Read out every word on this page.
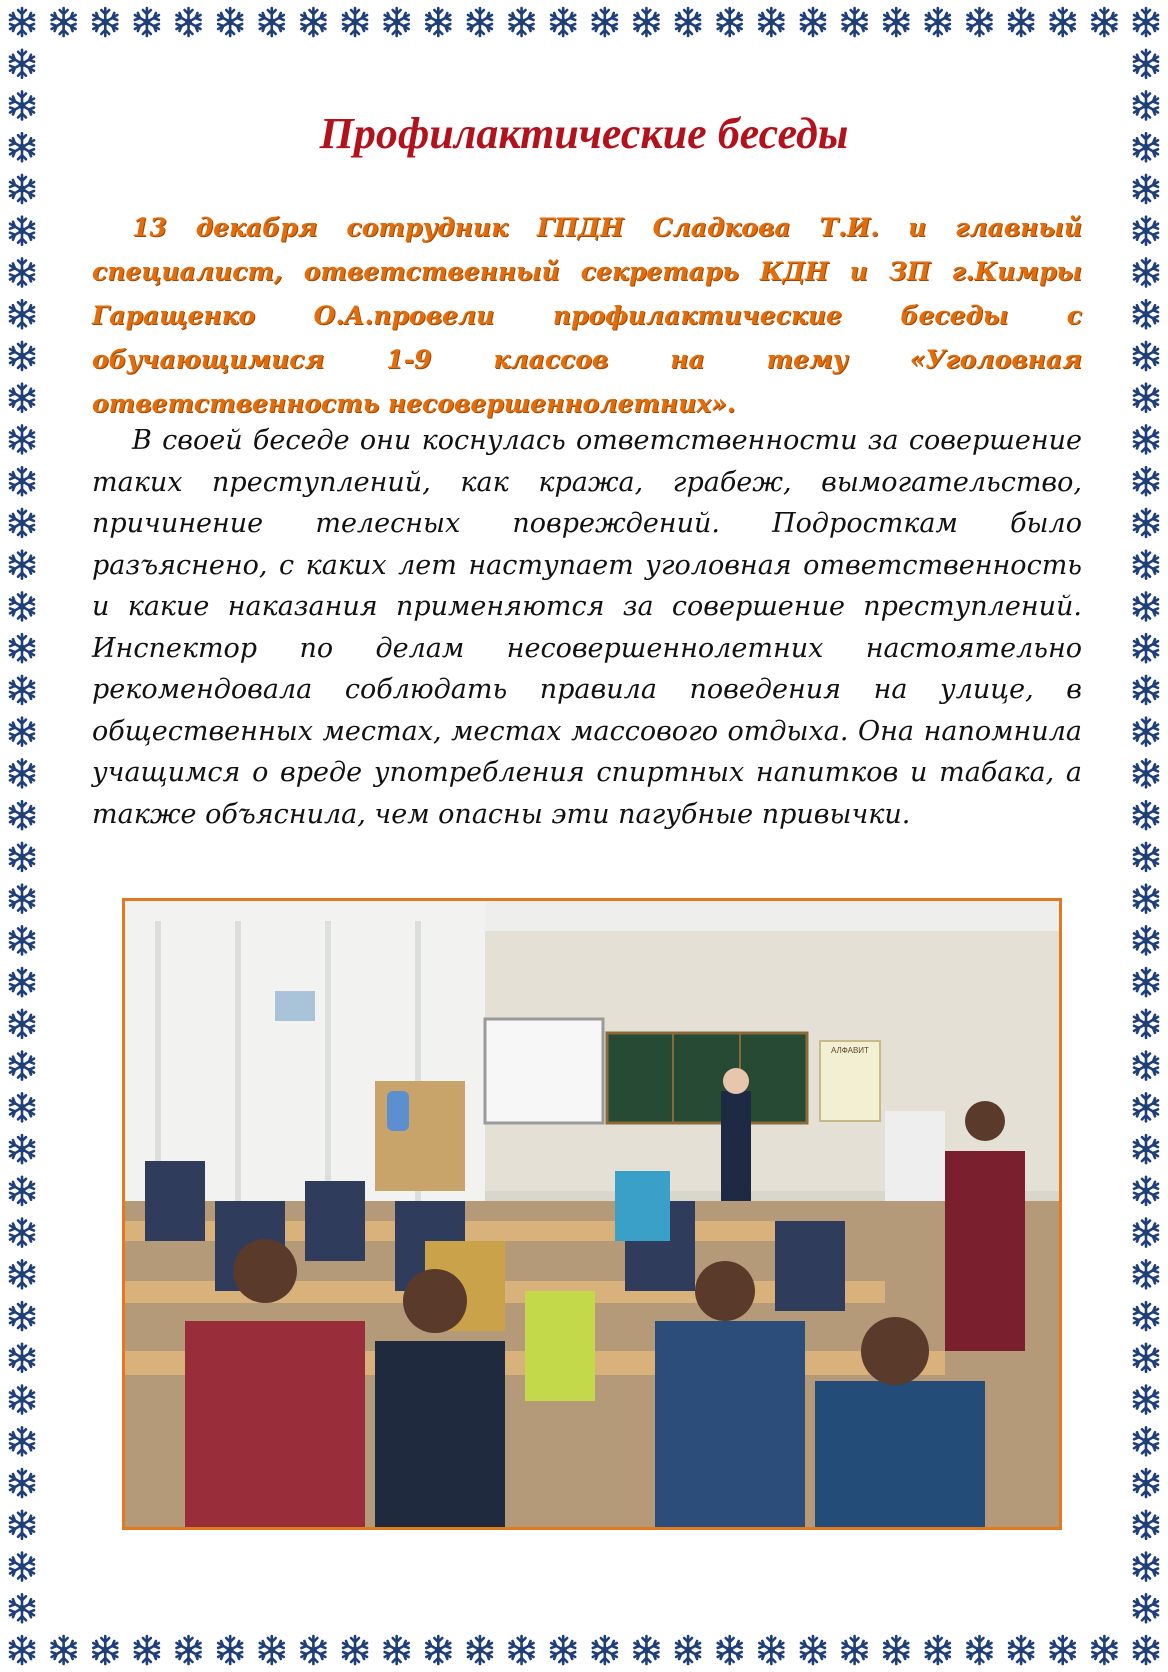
Профилактические беседы

13 декабря сотрудник ГПДН Сладкова Т.И. и главный специалист, ответственный секретарь КДН и ЗП г.Кимры Гаращенко О.А.провели профилактические беседы с обучающимися 1-9 классов на тему «Уголовная ответственность несовершеннолетних».

В своей беседе они коснулась ответственности за совершение таких преступлений, как кража, грабеж, вымогательство, причинение телесных повреждений. Подросткам было разъяснено, с каких лет наступает уголовная ответственность и какие наказания применяются за совершение преступлений. Инспектор по делам несовершеннолетних настоятельно рекомендовала соблюдать правила поведения на улице, в общественных местах, местах массового отдыха. Она напомнила учащимся о вреде употребления спиртных напитков и табака, а также объяснила, чем опасны эти пагубные привычки.

АЛФАВИТ
